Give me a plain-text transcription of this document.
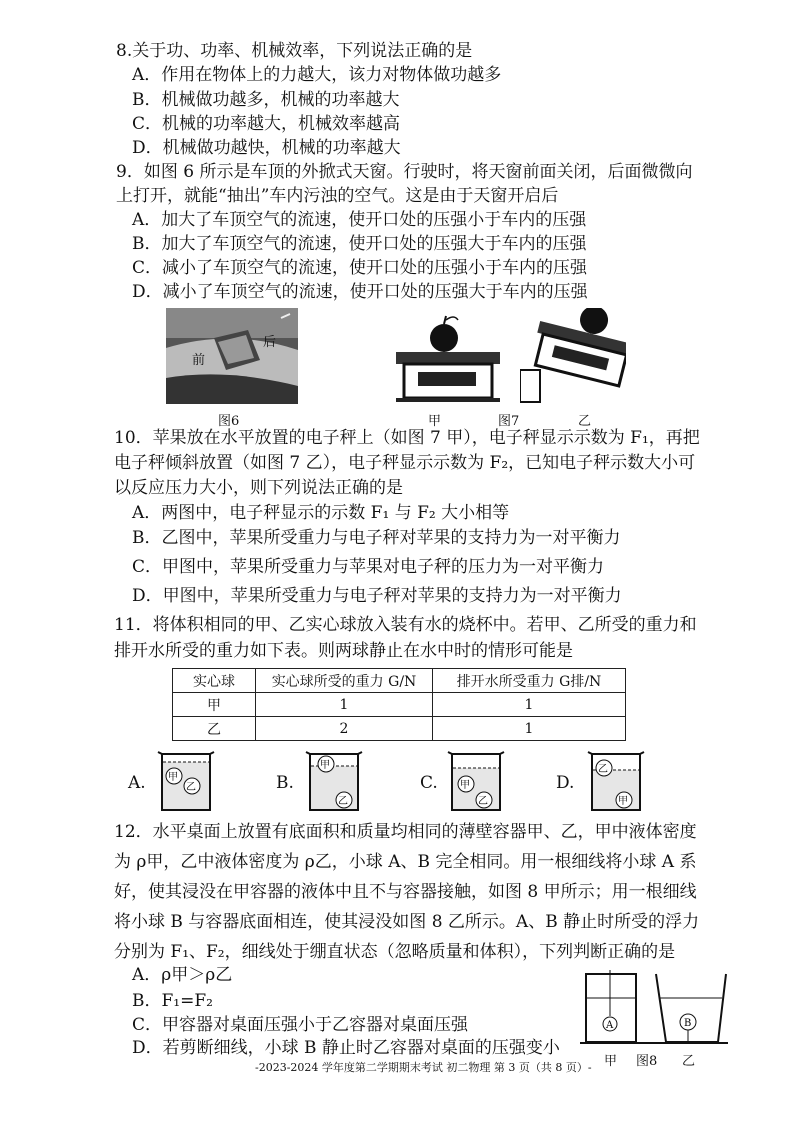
8.关于功、功率、机械效率，下列说法正确的是
A．作用在物体上的力越大，该力对物体做功越多
B．机械做功越多，机械的功率越大
C．机械的功率越大，机械效率越高
D．机械做功越快，机械的功率越大
9．如图 6 所示是车顶的外掀式天窗。行驶时，将天窗前面关闭，后面微微向
上打开，就能“抽出”车内污浊的空气。这是由于天窗开启后
A．加大了车顶空气的流速，使开口处的压强小于车内的压强
B．加大了车顶空气的流速，使开口处的压强大于车内的压强
C．减小了车顶空气的流速，使开口处的压强小于车内的压强
D．减小了车顶空气的流速，使开口处的压强大于车内的压强
前
后
图6	甲	图7	乙
10．苹果放在水平放置的电子秤上（如图 7 甲），电子秤显示示数为 F₁，再把
电子秤倾斜放置（如图 7 乙），电子秤显示示数为 F₂，已知电子秤示数大小可
以反应压力大小，则下列说法正确的是
A．两图中，电子秤显示的示数 F₁ 与 F₂ 大小相等
B．乙图中，苹果所受重力与电子秤对苹果的支持力为一对平衡力
C．甲图中，苹果所受重力与苹果对电子秤的压力为一对平衡力
D．甲图中，苹果所受重力与电子秤对苹果的支持力为一对平衡力
11．将体积相同的甲、乙实心球放入装有水的烧杯中。若甲、乙所受的重力和
排开水所受的重力如下表。则两球静止在水中时的情形可能是
实心球	实心球所受的重力 G/N	排开水所受重力 G排/N
甲	1	1
乙	2	1
A. 甲
乙	B.
甲
乙
C. 甲
乙
D.
乙
甲
12．水平桌面上放置有底面积和质量均相同的薄壁容器甲、乙，甲中液体密度
为 ρ甲，乙中液体密度为 ρ乙，小球 A、B 完全相同。用一根细线将小球 A 系
好，使其浸没在甲容器的液体中且不与容器接触，如图 8 甲所示；用一根细线
将小球 B 与容器底面相连，使其浸没如图 8 乙所示。A、B 静止时所受的浮力
分别为 F₁、F₂，细线处于绷直状态（忽略质量和体积），下列判断正确的是
A．ρ甲＞ρ乙
B．F₁=F₂
C．甲容器对桌面压强小于乙容器对桌面压强
D．若剪断细线，小球 B 静止时乙容器对桌面的压强变小
A	B
甲 图8 乙
-2023-2024 学年度第二学期期末考试 初二物理 第 3 页（共 8 页）-
